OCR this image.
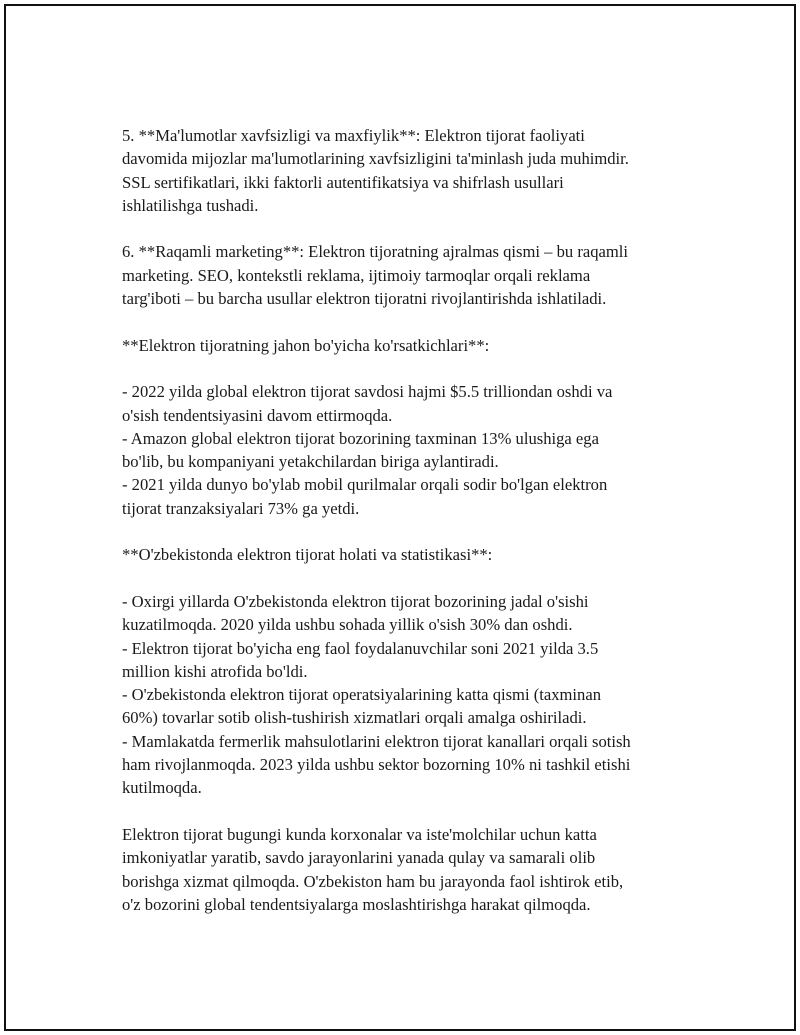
5. **Ma'lumotlar xavfsizligi va maxfiylik**: Elektron tijorat faoliyati
davomida mijozlar ma'lumotlarining xavfsizligini ta'minlash juda muhimdir.
SSL sertifikatlari, ikki faktorli autentifikatsiya va shifrlash usullari
ishlatilishga tushadi.
6. **Raqamli marketing**: Elektron tijoratning ajralmas qismi – bu raqamli
marketing. SEO, kontekstli reklama, ijtimoiy tarmoqlar orqali reklama
targ'iboti – bu barcha usullar elektron tijoratni rivojlantirishda ishlatiladi.
**Elektron tijoratning jahon bo'yicha ko'rsatkichlari**:
- 2022 yilda global elektron tijorat savdosi hajmi $5.5 trilliondan oshdi va
o'sish tendentsiyasini davom ettirmoqda.
- Amazon global elektron tijorat bozorining taxminan 13% ulushiga ega
bo'lib, bu kompaniyani yetakchilardan biriga aylantiradi.
- 2021 yilda dunyo bo'ylab mobil qurilmalar orqali sodir bo'lgan elektron
tijorat tranzaksiyalari 73% ga yetdi.
**O'zbekistonda elektron tijorat holati va statistikasi**:
- Oxirgi yillarda O'zbekistonda elektron tijorat bozorining jadal o'sishi
kuzatilmoqda. 2020 yilda ushbu sohada yillik o'sish 30% dan oshdi.
- Elektron tijorat bo'yicha eng faol foydalanuvchilar soni 2021 yilda 3.5
million kishi atrofida bo'ldi.
- O'zbekistonda elektron tijorat operatsiyalarining katta qismi (taxminan
60%) tovarlar sotib olish-tushirish xizmatlari orqali amalga oshiriladi.
- Mamlakatda fermerlik mahsulotlarini elektron tijorat kanallari orqali sotish
ham rivojlanmoqda. 2023 yilda ushbu sektor bozorning 10% ni tashkil etishi
kutilmoqda.
Elektron tijorat bugungi kunda korxonalar va iste'molchilar uchun katta
imkoniyatlar yaratib, savdo jarayonlarini yanada qulay va samarali olib
borishga xizmat qilmoqda. O'zbekiston ham bu jarayonda faol ishtirok etib,
o'z bozorini global tendentsiyalarga moslashtirishga harakat qilmoqda.
